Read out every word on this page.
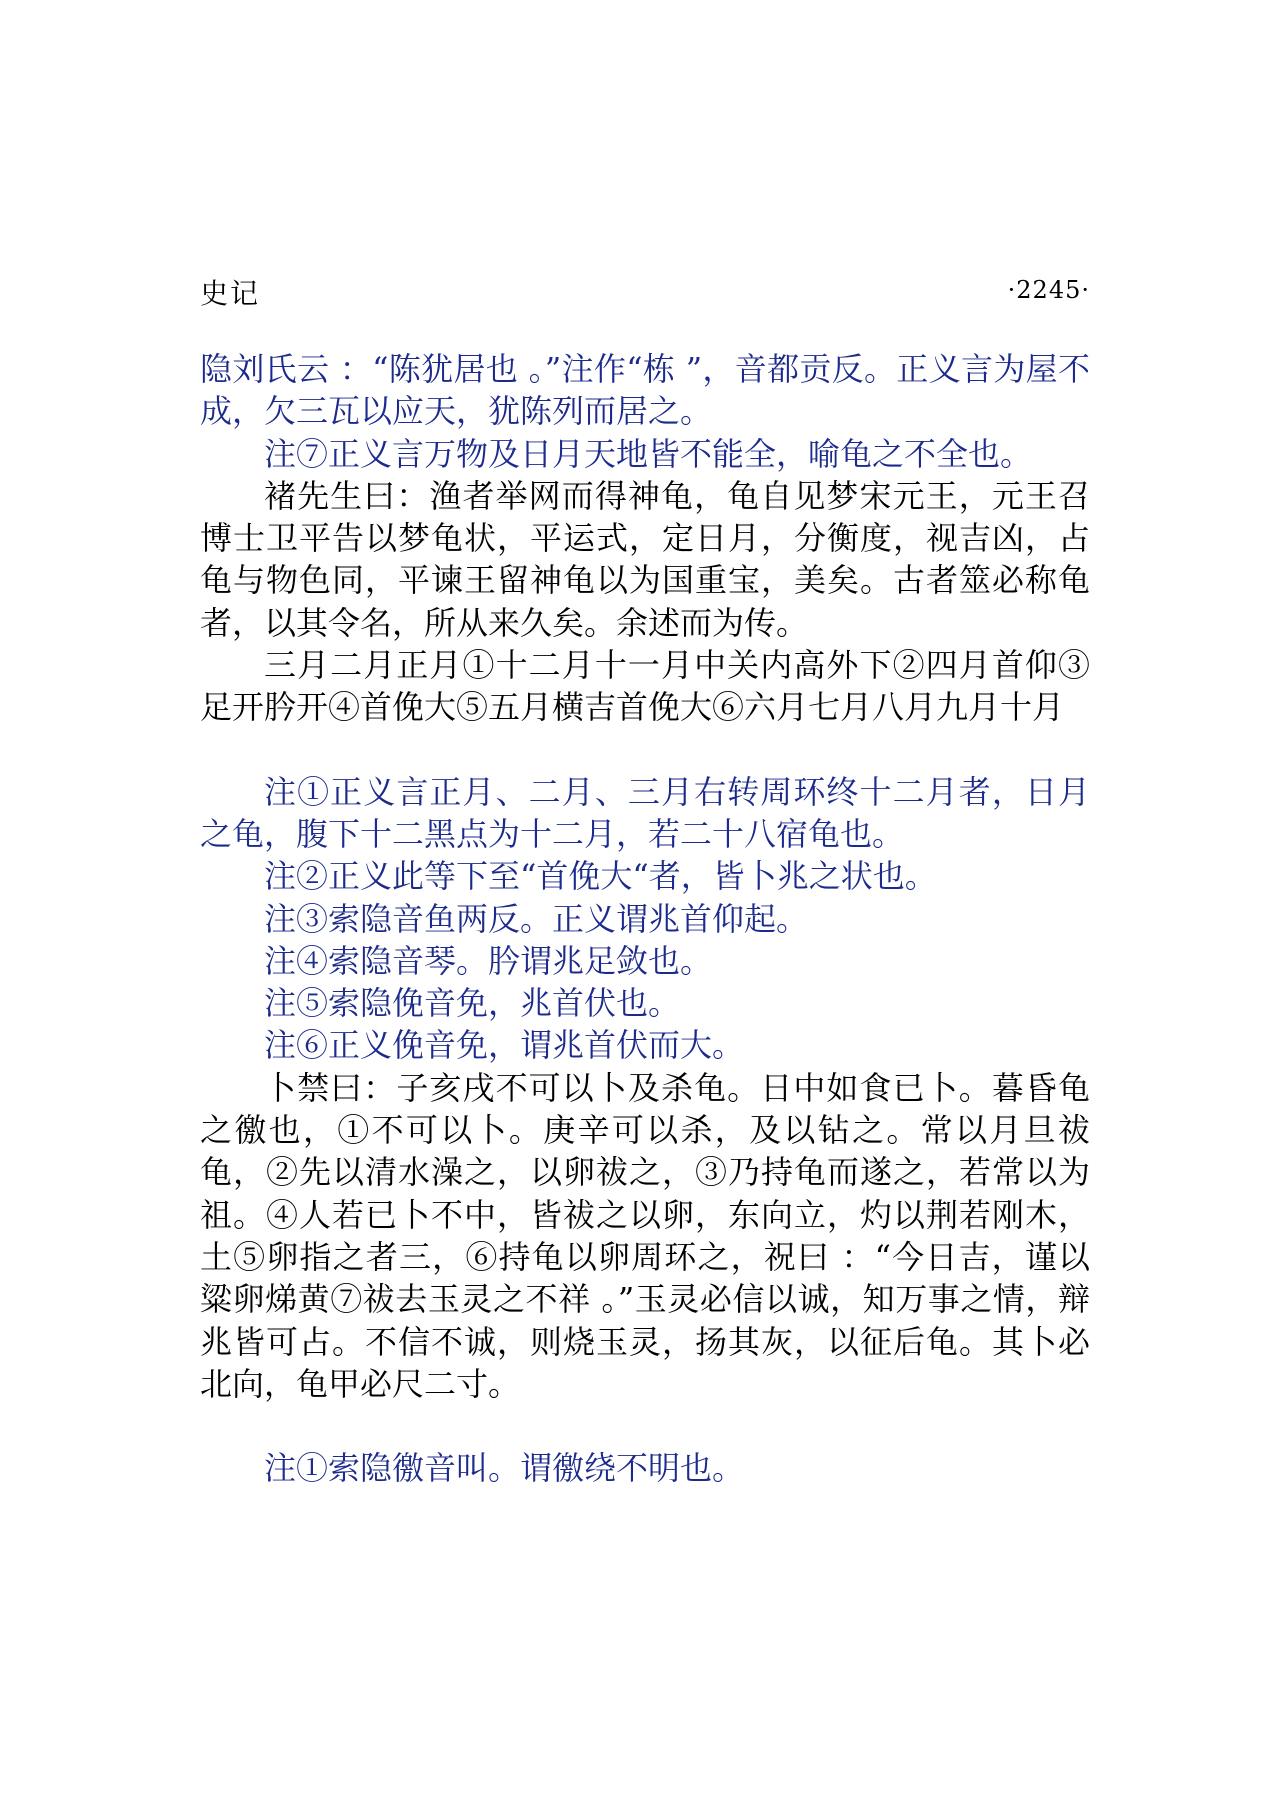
史记	·2245·

隐刘氏云 ：“陈犹居也 。”注作“栋 ”，音都贡反。正义言为屋不成，欠三瓦以应天，犹陈列而居之。

注⑦正义言万物及日月天地皆不能全，喻龟之不全也。

褚先生曰：渔者举网而得神龟，龟自见梦宋元王，元王召博士卫平告以梦龟状，平运式，定日月，分衡度，视吉凶，占龟与物色同，平谏王留神龟以为国重宝，美矣。古者筮必称龟者，以其令名，所从来久矣。余述而为传。

三月二月正月①十二月十一月中关内高外下②四月首仰③足开肣开④首俛大⑤五月横吉首俛大⑥六月七月八月九月十月

注①正义言正月、二月、三月右转周环终十二月者，日月之龟，腹下十二黑点为十二月，若二十八宿龟也。

注②正义此等下至“首俛大“者，皆卜兆之状也。

注③索隐音鱼两反。正义谓兆首仰起。

注④索隐音琴。肣谓兆足敛也。

注⑤索隐俛音免，兆首伏也。

注⑥正义俛音免，谓兆首伏而大。

卜禁曰：子亥戌不可以卜及杀龟。日中如食已卜。暮昏龟之徼也，①不可以卜。庚辛可以杀，及以钻之。常以月旦祓龟，②先以清水澡之，以卵祓之，③乃持龟而遂之，若常以为祖。④人若已卜不中，皆祓之以卵，东向立，灼以荆若刚木，土⑤卵指之者三，⑥持龟以卵周环之，祝曰 ：“今日吉，谨以粱卵焍黄⑦祓去玉灵之不祥 。”玉灵必信以诚，知万事之情，辩兆皆可占。不信不诚，则烧玉灵，扬其灰，以征后龟。其卜必北向，龟甲必尺二寸。

注①索隐徼音叫。谓徼绕不明也。
